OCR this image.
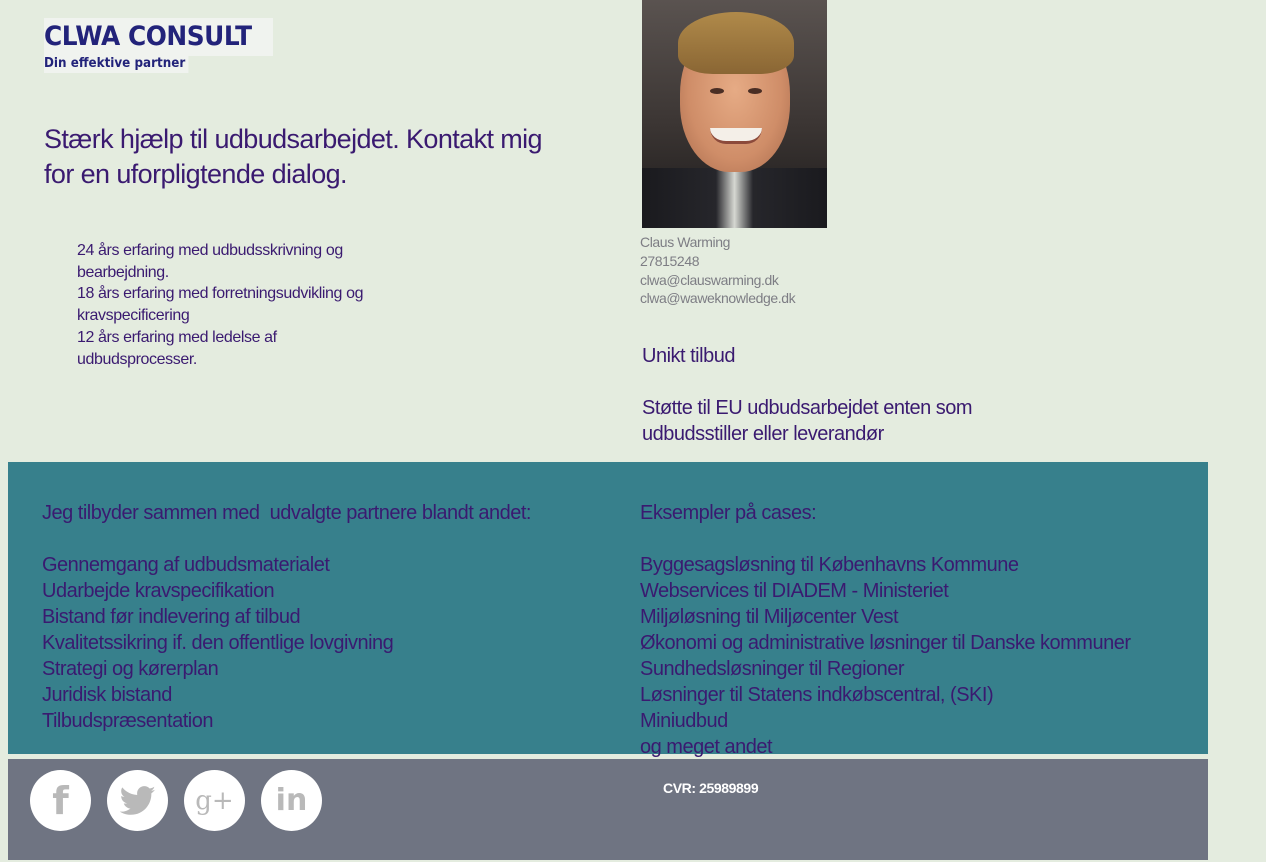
CLWA CONSULT
Din effektive partner
Stærk hjælp til udbudsarbejdet. Kontakt mig for en uforpligtende dialog.
24 års erfaring med udbudsskrivning og bearbejdning.
18 års erfaring med forretningsudvikling og kravspecificering
12 års erfaring med ledelse af udbudsprocesser.
Claus Warming
27815248
clwa@clauswarming.dk
clwa@waweknowledge.dk
Unikt tilbud
Støtte til EU udbudsarbejdet enten som udbudsstiller eller leverandør
Jeg tilbyder sammen med  udvalgte partnere blandt andet:
Gennemgang af udbudsmaterialet
Udarbejde kravspecifikation
Bistand før indlevering af tilbud
Kvalitetssikring if. den offentlige lovgivning
Strategi og kørerplan
Juridisk bistand
Tilbudspræsentation
Eksempler på cases:
Byggesagsløsning til Københavns Kommune
Webservices til DIADEM - Ministeriet
Miljøløsning til Miljøcenter Vest
Økonomi og administrative løsninger til Danske kommuner
Sundhedsløsninger til Regioner
Løsninger til Statens indkøbscentral, (SKI)
Miniudbud
og meget andet
f	g+ in	CVR: 25989899
